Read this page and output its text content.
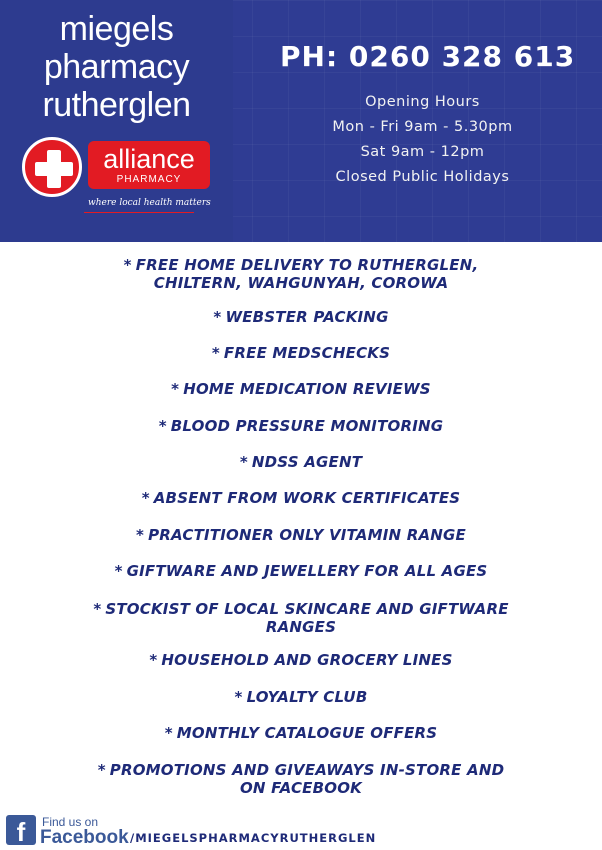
miegels
pharmacy
rutherglen
alliance
PHARMACY
where local health matters
PH: 0260 328 613
Opening Hours
Mon - Fri 9am - 5.30pm
Sat 9am - 12pm
Closed Public Holidays
* FREE HOME DELIVERY TO RUTHERGLEN,
CHILTERN, WAHGUNYAH, COROWA
* WEBSTER PACKING
* FREE MEDSCHECKS
* HOME MEDICATION REVIEWS
* BLOOD PRESSURE MONITORING
* NDSS AGENT
* ABSENT FROM WORK CERTIFICATES
* PRACTITIONER ONLY VITAMIN RANGE
* GIFTWARE AND JEWELLERY FOR ALL AGES
* STOCKIST OF LOCAL SKINCARE AND GIFTWARE
RANGES
* HOUSEHOLD AND GROCERY LINES
* LOYALTY CLUB
* MONTHLY CATALOGUE OFFERS
* PROMOTIONS AND GIVEAWAYS IN-STORE AND
ON FACEBOOK
f	Find us on
Facebook /MIEGELSPHARMACYRUTHERGLEN
